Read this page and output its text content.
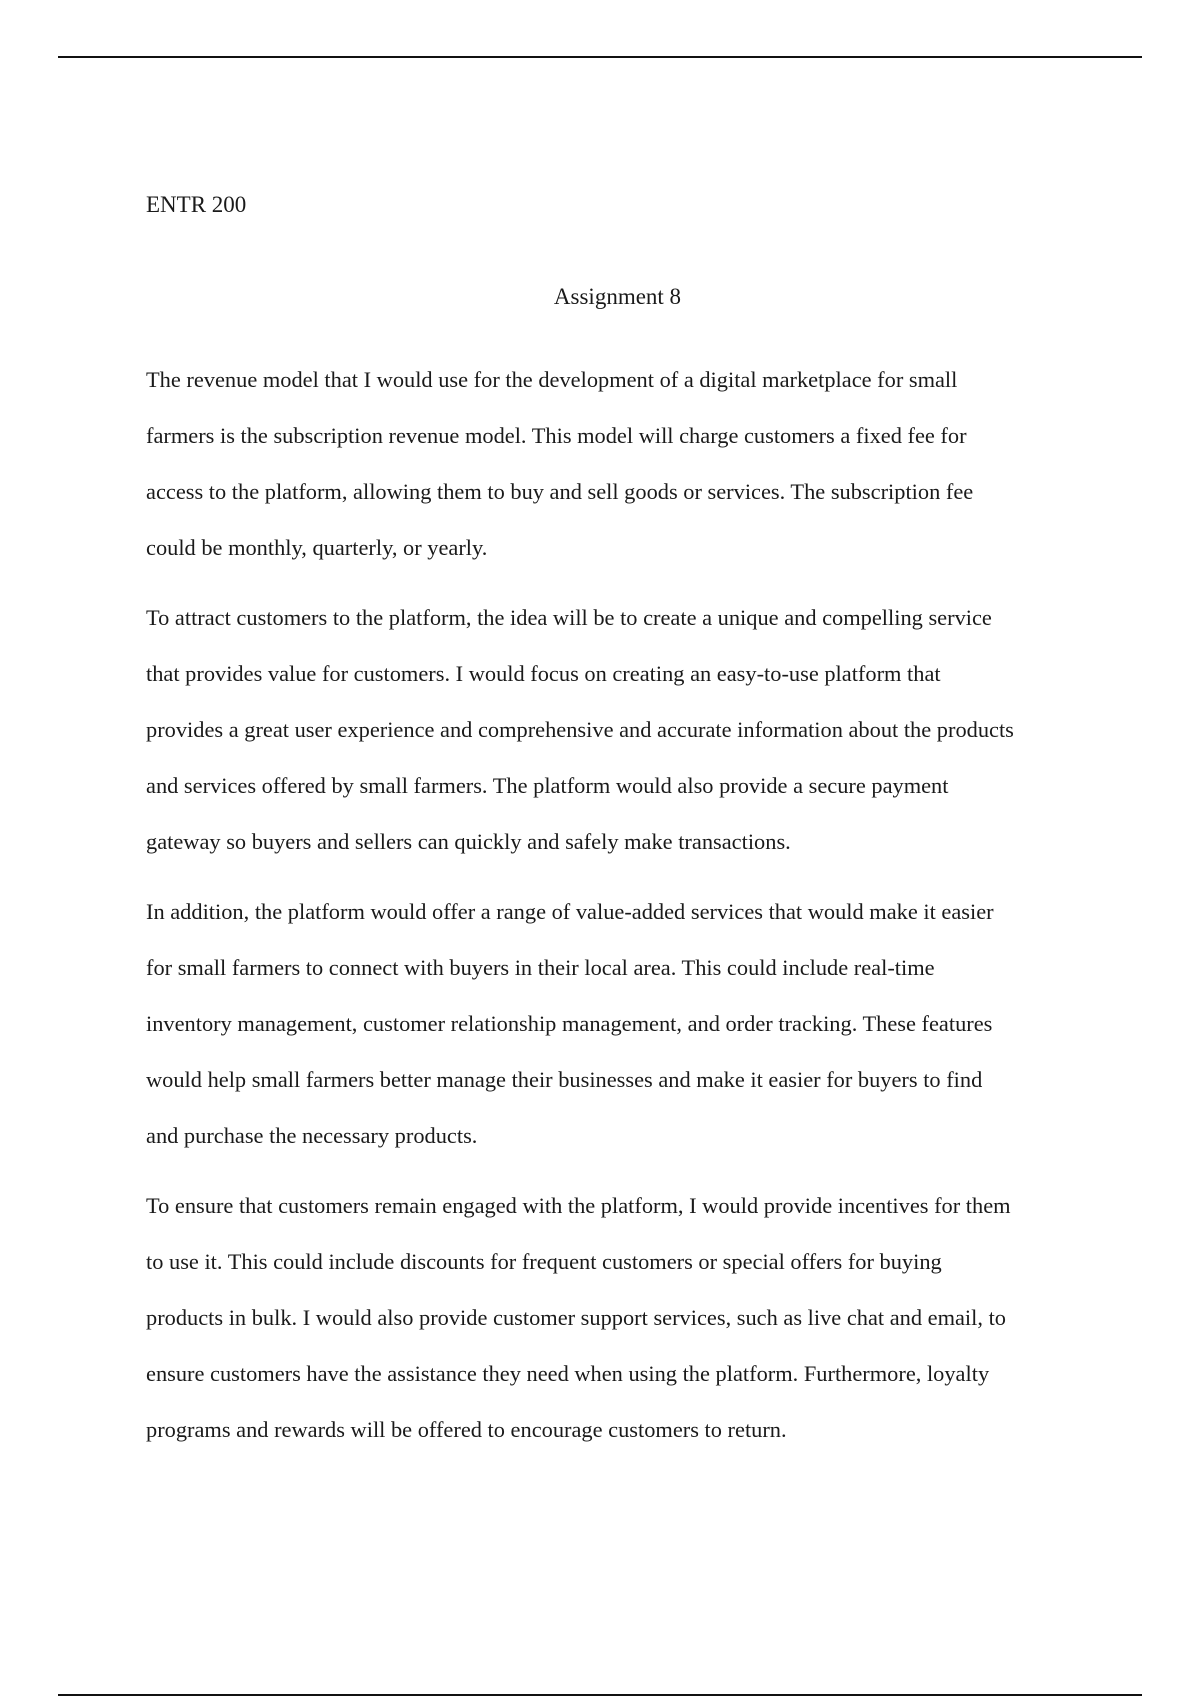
ENTR 200

Assignment 8

The revenue model that I would use for the development of a digital marketplace for small
farmers is the subscription revenue model. This model will charge customers a fixed fee for
access to the platform, allowing them to buy and sell goods or services. The subscription fee
could be monthly, quarterly, or yearly.

To attract customers to the platform, the idea will be to create a unique and compelling service
that provides value for customers. I would focus on creating an easy-to-use platform that
provides a great user experience and comprehensive and accurate information about the products
and services offered by small farmers. The platform would also provide a secure payment
gateway so buyers and sellers can quickly and safely make transactions.

In addition, the platform would offer a range of value-added services that would make it easier
for small farmers to connect with buyers in their local area. This could include real-time
inventory management, customer relationship management, and order tracking. These features
would help small farmers better manage their businesses and make it easier for buyers to find
and purchase the necessary products.

To ensure that customers remain engaged with the platform, I would provide incentives for them
to use it. This could include discounts for frequent customers or special offers for buying
products in bulk. I would also provide customer support services, such as live chat and email, to
ensure customers have the assistance they need when using the platform. Furthermore, loyalty
programs and rewards will be offered to encourage customers to return.
